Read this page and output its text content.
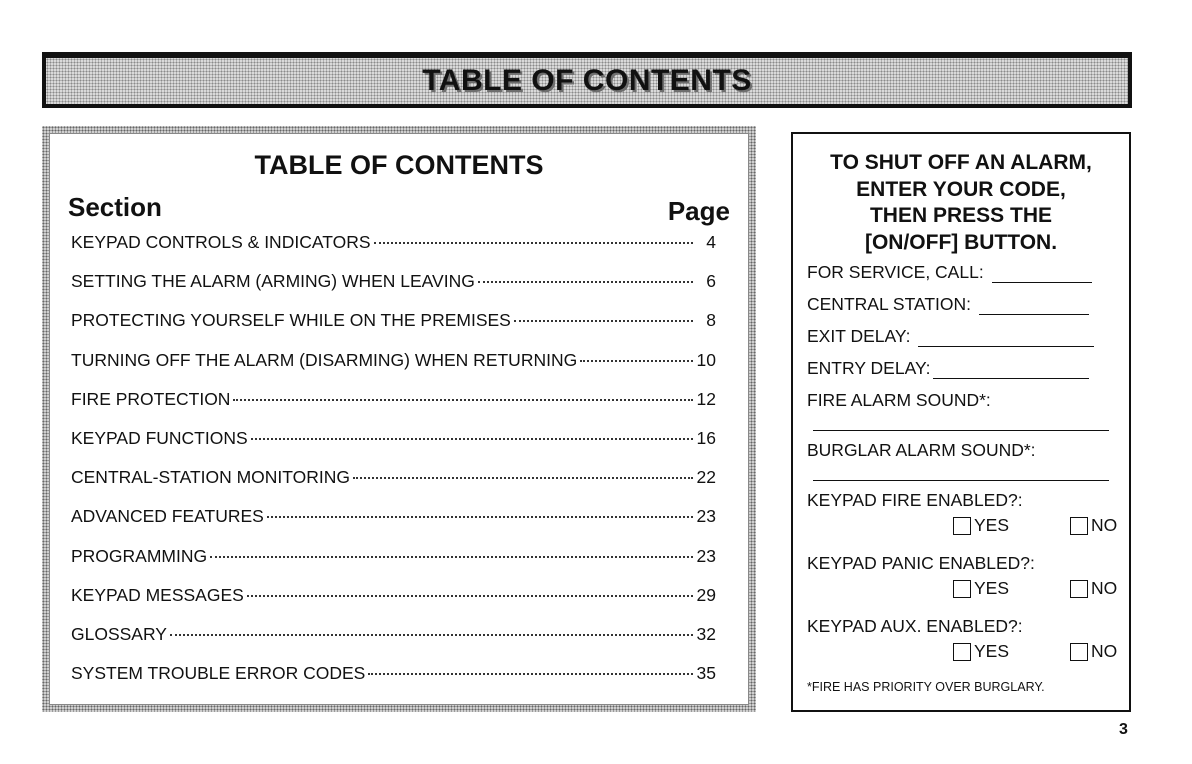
TABLE OF CONTENTS
TABLE OF CONTENTS
Section	Page
KEYPAD CONTROLS & INDICATORS	4
SETTING THE ALARM (ARMING) WHEN LEAVING	6
PROTECTING YOURSELF WHILE ON THE PREMISES	8
TURNING OFF THE ALARM (DISARMING) WHEN RETURNING	10
FIRE PROTECTION	12
KEYPAD FUNCTIONS	16
CENTRAL-STATION MONITORING	22
ADVANCED FEATURES	23
PROGRAMMING	23
KEYPAD MESSAGES	29
GLOSSARY	32
SYSTEM TROUBLE ERROR CODES	35
TO SHUT OFF AN ALARM,
ENTER YOUR CODE,
THEN PRESS THE
[ON/OFF] BUTTON.
FOR SERVICE, CALL:
CENTRAL STATION:
EXIT DELAY:
ENTRY DELAY:
FIRE ALARM SOUND*:
BURGLAR ALARM SOUND*:
KEYPAD FIRE ENABLED?:
YES	NO
KEYPAD PANIC ENABLED?:
YES	NO
KEYPAD AUX. ENABLED?:
YES	NO
*FIRE HAS PRIORITY OVER BURGLARY.
3
